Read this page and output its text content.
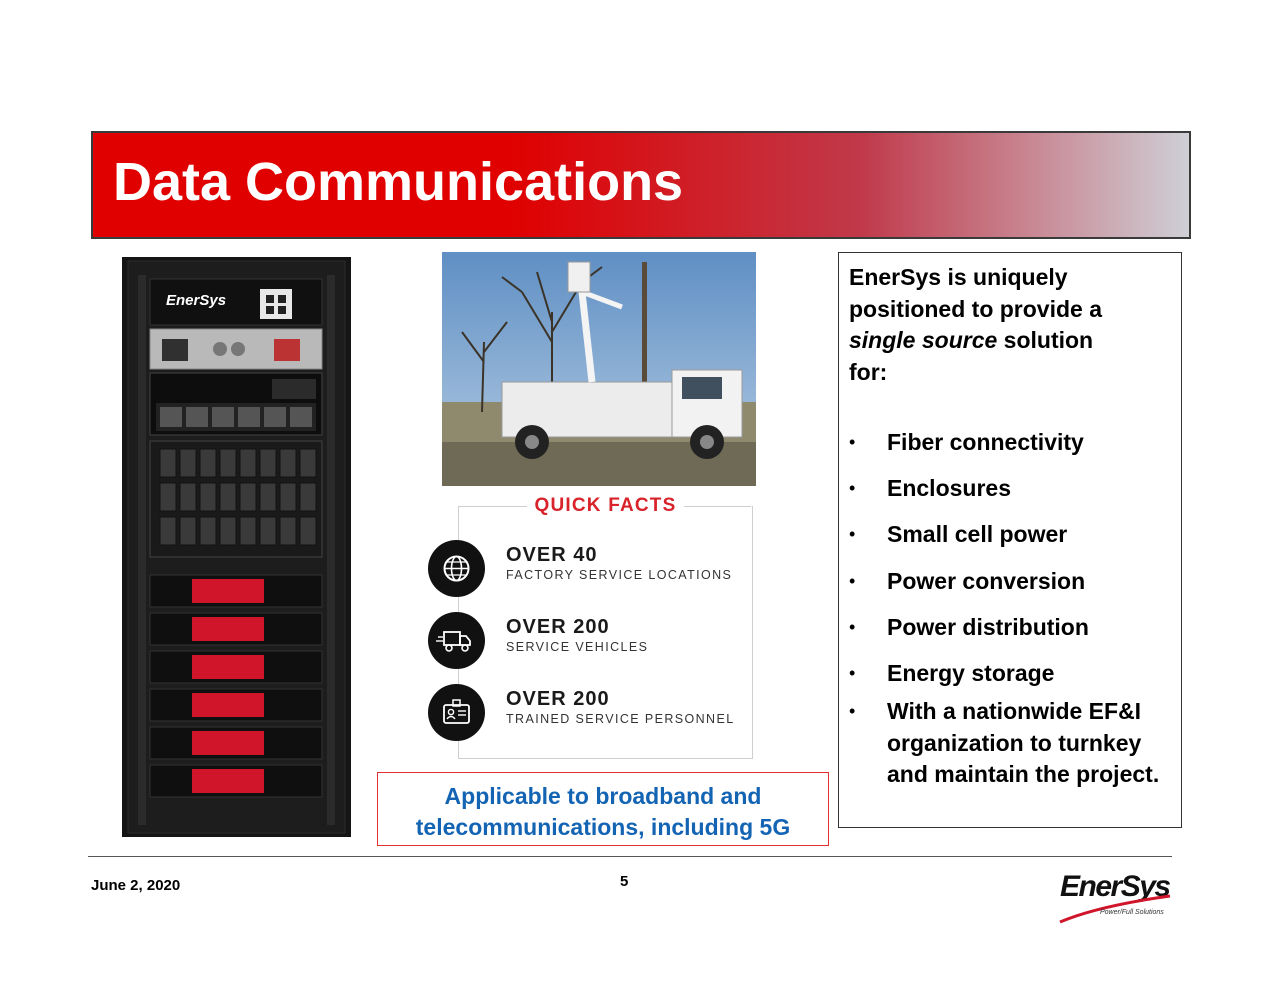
Data Communications
EnerSys
QUICK FACTS
OVER 40
FACTORY SERVICE LOCATIONS
OVER 200
SERVICE VEHICLES
OVER 200
TRAINED SERVICE PERSONNEL
Applicable to broadband and
telecommunications, including 5G
EnerSys is uniquely
positioned to provide a
single source solution
for:
• Fiber connectivity
• Enclosures
• Small cell power
• Power conversion
• Power distribution
• Energy storage
• With a nationwide EF&I organization to turnkey and maintain the project.
June 2, 2020	5	EnerSys
Power/Full Solutions
